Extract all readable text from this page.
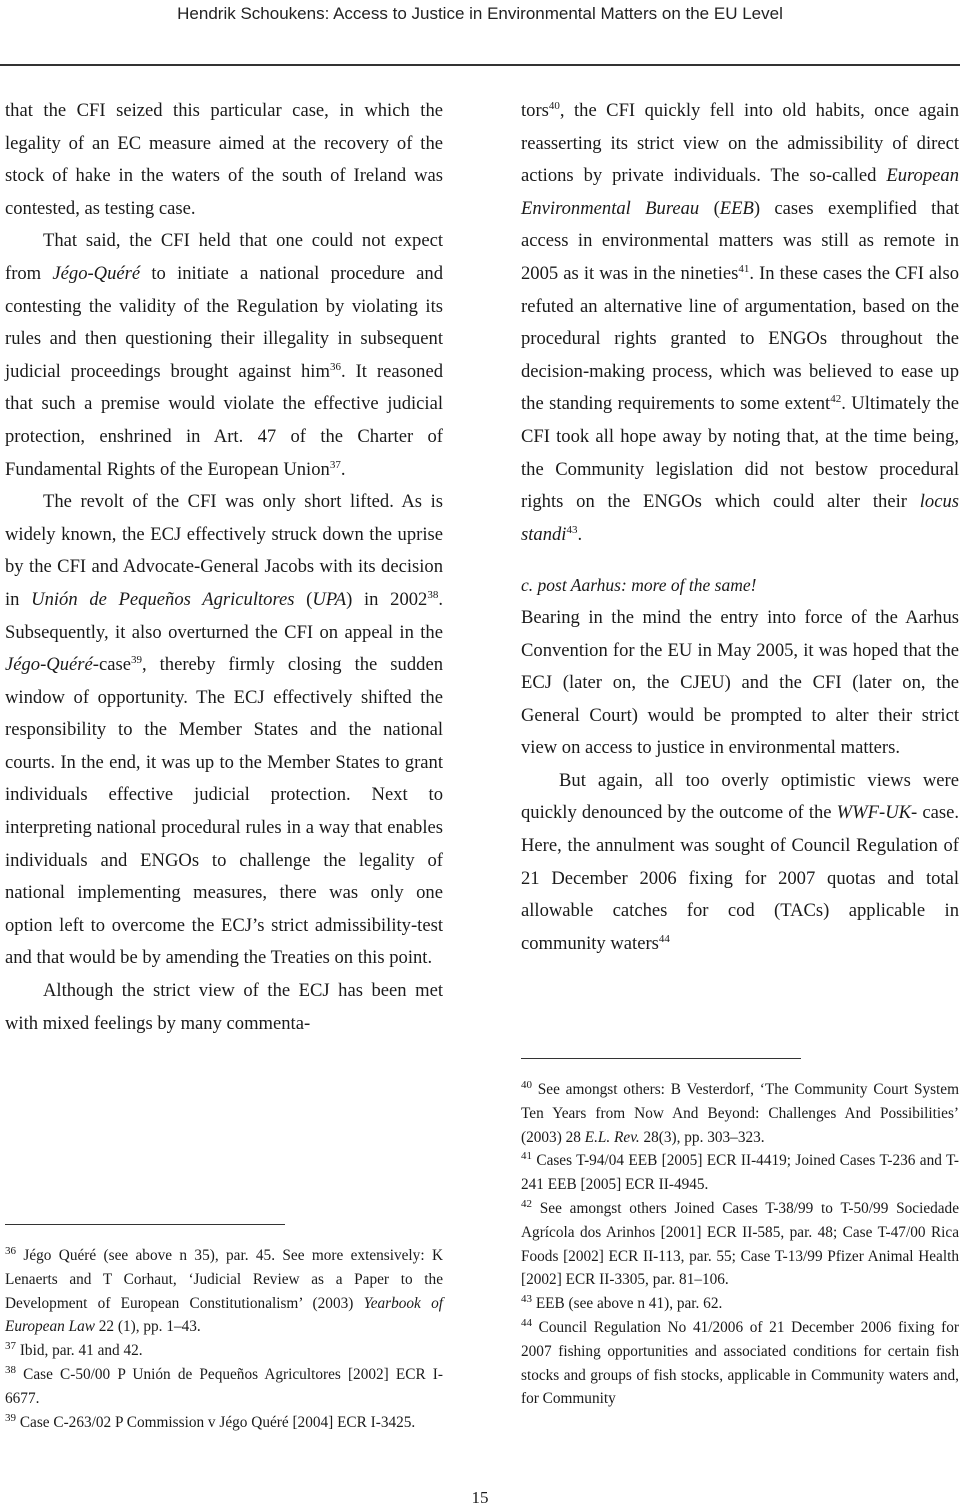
Hendrik Schoukens: Access to Justice in Environmental Matters on the EU Level

that the CFI seized this particular case, in which the legality of an EC measure aimed at the recovery of the stock of hake in the waters of the south of Ireland was contested, as testing case.

That said, the CFI held that one could not expect from Jégo-Quéré to initiate a national procedure and contesting the validity of the Regulation by violating its rules and then questioning their illegality in subsequent judicial proceedings brought against him$^{36}$. It reasoned that such a premise would violate the effective judicial protection, enshrined in Art. 47 of the Charter of Fundamental Rights of the European Union$^{37}$.

The revolt of the CFI was only short lifted. As is widely known, the ECJ effectively struck down the uprise by the CFI and Advocate-General Jacobs with its decision in Unión de Pequeños Agricultores (UPA) in 2002$^{38}$. Subsequently, it also overturned the CFI on appeal in the Jégo-Quéré-case$^{39}$, thereby firmly closing the sudden window of opportunity. The ECJ effectively shifted the responsibility to the Member States and the national courts. In the end, it was up to the Member States to grant individuals effective judicial protection. Next to interpreting national procedural rules in a way that enables individuals and ENGOs to challenge the legality of national implementing measures, there was only one option left to overcome the ECJ’s strict admissibility-test and that would be by amending the Treaties on this point.

Although the strict view of the ECJ has been met with mixed feelings by many commenta-

tors$^{40}$, the CFI quickly fell into old habits, once again reasserting its strict view on the admissibility of direct actions by private individuals. The so-called European Environmental Bureau (EEB) cases exemplified that access in environmental matters was still as remote in 2005 as it was in the nineties$^{41}$. In these cases the CFI also refuted an alternative line of argumentation, based on the procedural rights granted to ENGOs throughout the decision-making process, which was believed to ease up the standing requirements to some extent$^{42}$. Ultimately the CFI took all hope away by noting that, at the time being, the Community legislation did not bestow procedural rights on the ENGOs which could alter their locus standi$^{43}$.

c. post Aarhus: more of the same!

Bearing in the mind the entry into force of the Aarhus Convention for the EU in May 2005, it was hoped that the ECJ (later on, the CJEU) and the CFI (later on, the General Court) would be prompted to alter their strict view on access to justice in environmental matters.

But again, all too overly optimistic views were quickly denounced by the outcome of the WWF-UK- case. Here, the annulment was sought of Council Regulation of 21 December 2006 fixing for 2007 quotas and total allowable catches for cod (TACs) applicable in community waters$^{44}$

$^{36}$ Jégo Quéré (see above n 35), par. 45. See more extensively: K Lenaerts and T Corhaut, ‘Judicial Review as a Paper to the Development of European Constitutionalism’ (2003) Yearbook of European Law 22 (1), pp. 1–43.

$^{37}$ Ibid, par. 41 and 42.

$^{38}$ Case C-50/00 P Unión de Pequeños Agricultores [2002] ECR I-6677.

$^{39}$ Case C-263/02 P Commission v Jégo Quéré [2004] ECR I-3425.

$^{40}$ See amongst others: B Vesterdorf, ‘The Community Court System Ten Years from Now And Beyond: Challenges And Possibilities’ (2003) 28 E.L. Rev. 28(3), pp. 303–323.

$^{41}$ Cases T-94/04 EEB [2005] ECR II-4419; Joined Cases T-236 and T-241 EEB [2005] ECR II-4945.

$^{42}$ See amongst others Joined Cases T-38/99 to T-50/99 Sociedade Agrícola dos Arinhos [2001] ECR II-585, par. 48; Case T-47/00 Rica Foods [2002] ECR II-113, par. 55; Case T-13/99 Pfizer Animal Health [2002] ECR II-3305, par. 81–106.

$^{43}$ EEB (see above n 41), par. 62.

$^{44}$ Council Regulation No 41/2006 of 21 December 2006 fixing for 2007 fishing opportunities and associated conditions for certain fish stocks and groups of fish stocks, applicable in Community waters and, for Community

15
